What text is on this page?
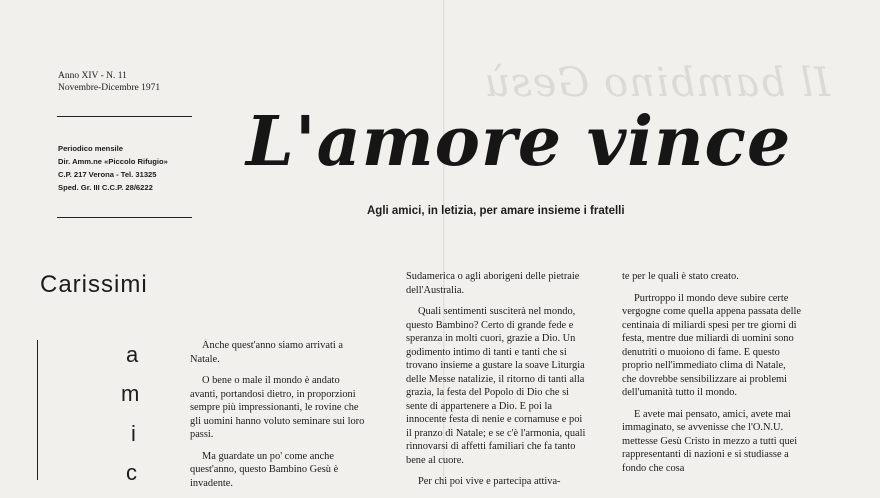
Il bambino Gesù
Anno XIV - N. 11
Novembre-Dicembre 1971
Periodico mensile
Dir. Amm.ne «Piccolo Rifugio»
C.P. 217 Verona - Tel. 31325
Sped. Gr. III C.C.P. 28/6222
L'amore vince
Agli amici, in letizia, per amare insieme i fratelli
Carissimi
a
m
i
c

Anche quest'anno siamo arrivati a Natale.

O bene o male il mondo è andato avanti, portandosi dietro, in proporzioni sempre più impressionanti, le rovine che gli uomini hanno voluto seminare sui loro passi.

Ma guardate un po' come anche quest'anno, questo Bambino Gesù è invadente.

Sudamerica o agli aborigeni delle pietraie dell'Australia.

Quali sentimenti susciterà nel mondo, questo Bambino? Certo di grande fede e speranza in molti cuori, grazie a Dio. Un godimento intimo di tanti e tanti che si trovano insieme a gustare la soave Liturgia delle Messe natalizie, il ritorno di tanti alla grazia, la festa del Popolo di Dio che si sente di appartenere a Dio. E poi la innocente festa di nenie e cornamuse e poi il pranzo di Natale; e se c'è l'armonia, quali rinnovarsi di affetti familiari che fa tanto bene al cuore.

Per chi poi vive e partecipa attiva-

te per le quali è stato creato.

Purtroppo il mondo deve subire certe vergogne come quella appena passata delle centinaia di miliardi spesi per tre giorni di festa, mentre due miliardi di uomini sono denutriti o muoiono di fame. E questo proprio nell'immediato clima di Natale, che dovrebbe sensibilizzare ai problemi dell'umanità tutto il mondo.

E avete mai pensato, amici, avete mai immaginato, se avvenisse che l'O.N.U. mettesse Gesù Cristo in mezzo a tutti quei rappresentanti di nazioni e si studiasse a fondo che cosa
